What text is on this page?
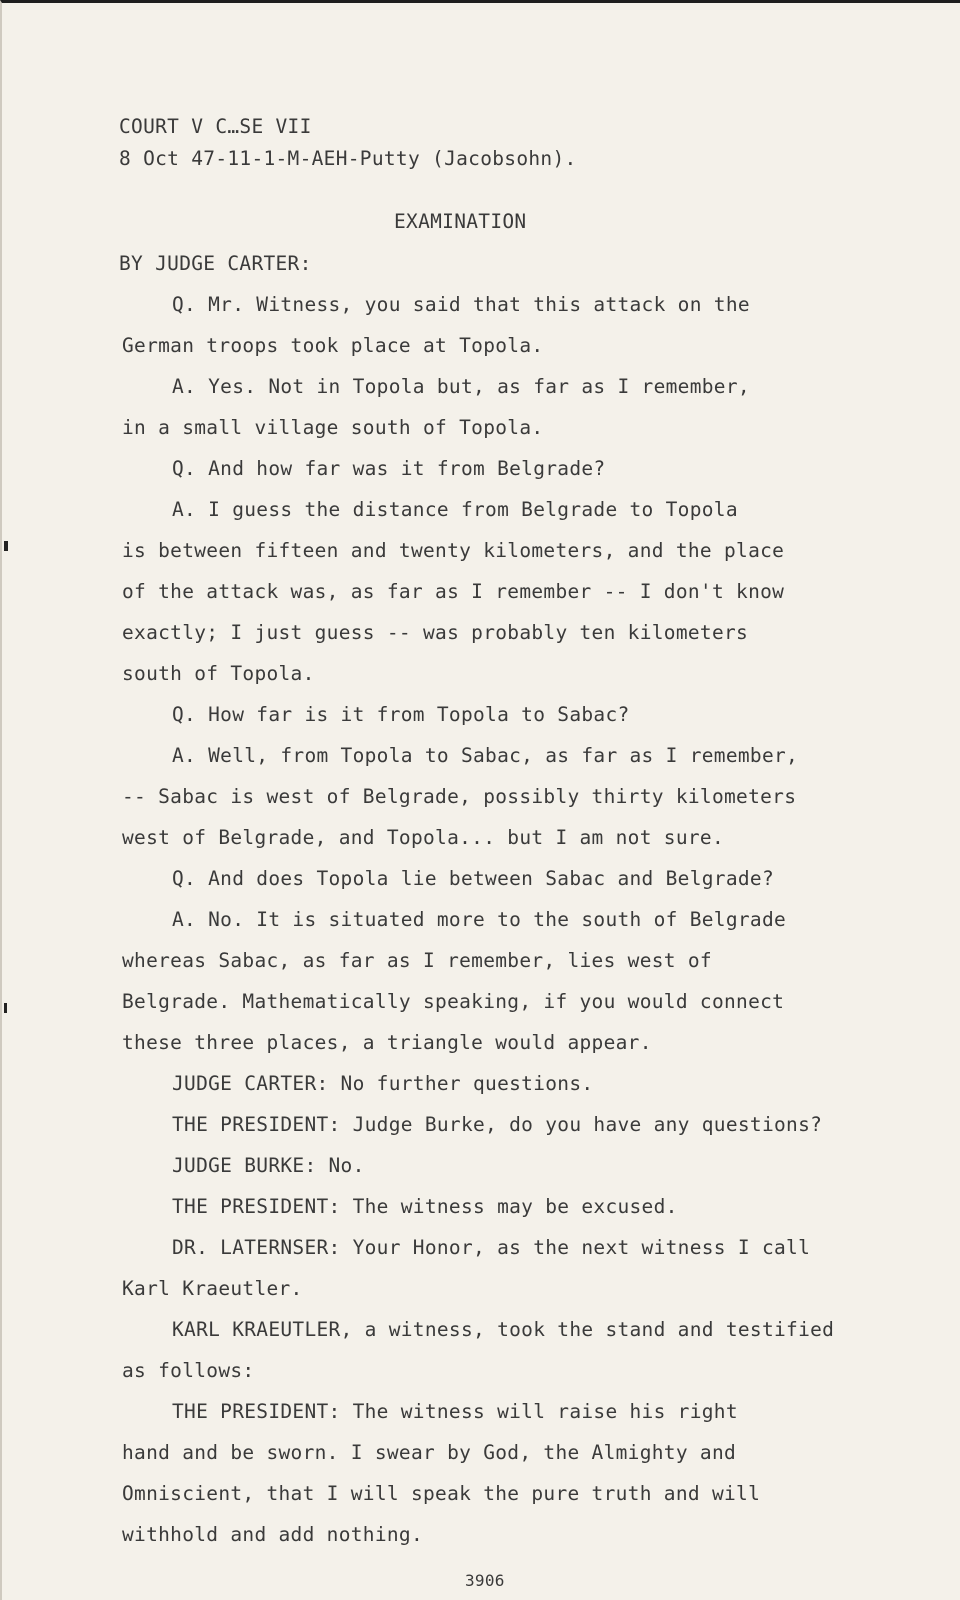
COURT V C…SE VII
8 Oct 47-11-1-M-AEH-Putty (Jacobsohn).
EXAMINATION
BY JUDGE CARTER:
Q. Mr. Witness, you said that this attack on the
German troops took place at Topola.
A. Yes. Not in Topola but, as far as I remember,
in a small village south of Topola.
Q. And how far was it from Belgrade?
A. I guess the distance from Belgrade to Topola
is between fifteen and twenty kilometers, and the place
of the attack was, as far as I remember -- I don't know
exactly; I just guess -- was probably ten kilometers
south of Topola.
Q. How far is it from Topola to Sabac?
A. Well, from Topola to Sabac, as far as I remember,
-- Sabac is west of Belgrade, possibly thirty kilometers
west of Belgrade, and Topola... but I am not sure.
Q. And does Topola lie between Sabac and Belgrade?
A. No. It is situated more to the south of Belgrade
whereas Sabac, as far as I remember, lies west of
Belgrade. Mathematically speaking, if you would connect
these three places, a triangle would appear.
JUDGE CARTER: No further questions.
THE PRESIDENT: Judge Burke, do you have any questions?
JUDGE BURKE: No.
THE PRESIDENT: The witness may be excused.
DR. LATERNSER: Your Honor, as the next witness I call
Karl Kraeutler.
KARL KRAEUTLER, a witness, took the stand and testified
as follows:
THE PRESIDENT: The witness will raise his right
hand and be sworn. I swear by God, the Almighty and
Omniscient, that I will speak the pure truth and will
withhold and add nothing.
3906
